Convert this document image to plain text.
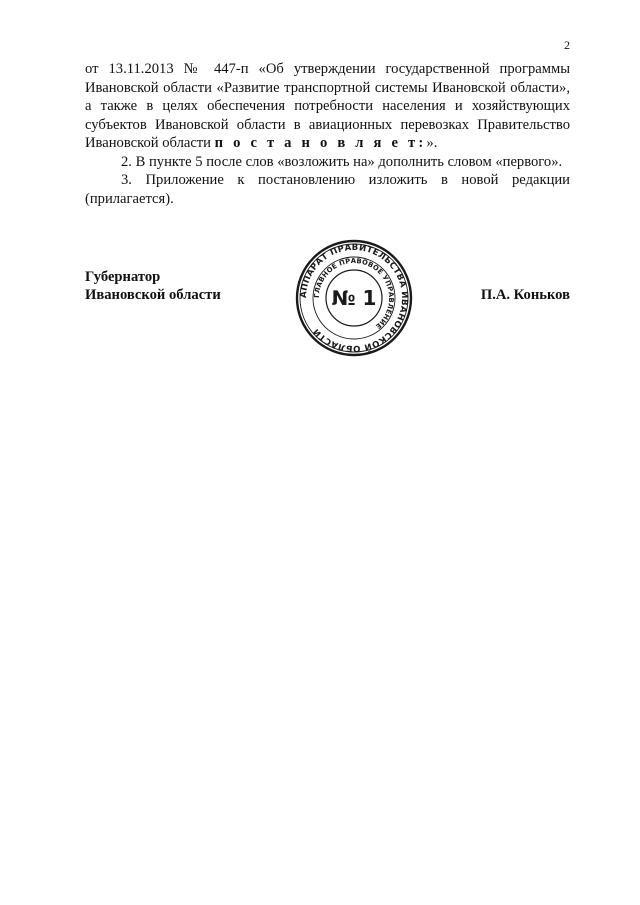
2

от 13.11.2013 № 447-п «Об утверждении государственной программы Ивановской области «Развитие транспортной системы Ивановской области», а также в целях обеспечения потребности населения и хозяйствующих субъектов Ивановской области в авиационных перевозках Правительство Ивановской области п о с т а н о в л я е т:».

2. В пункте 5 после слов «возложить на» дополнить словом «первого».

3. Приложение к постановлению изложить в новой редакции (прилагается).

Губернатор
Ивановской области	П.А. Коньков
АППАРАТ ПРАВИТЕЛЬСТВА ИВАНОВСКОЙ ОБЛАСТИ
ГЛАВНОЕ ПРАВОВОЕ УПРАВЛЕНИЕ
№ 1
